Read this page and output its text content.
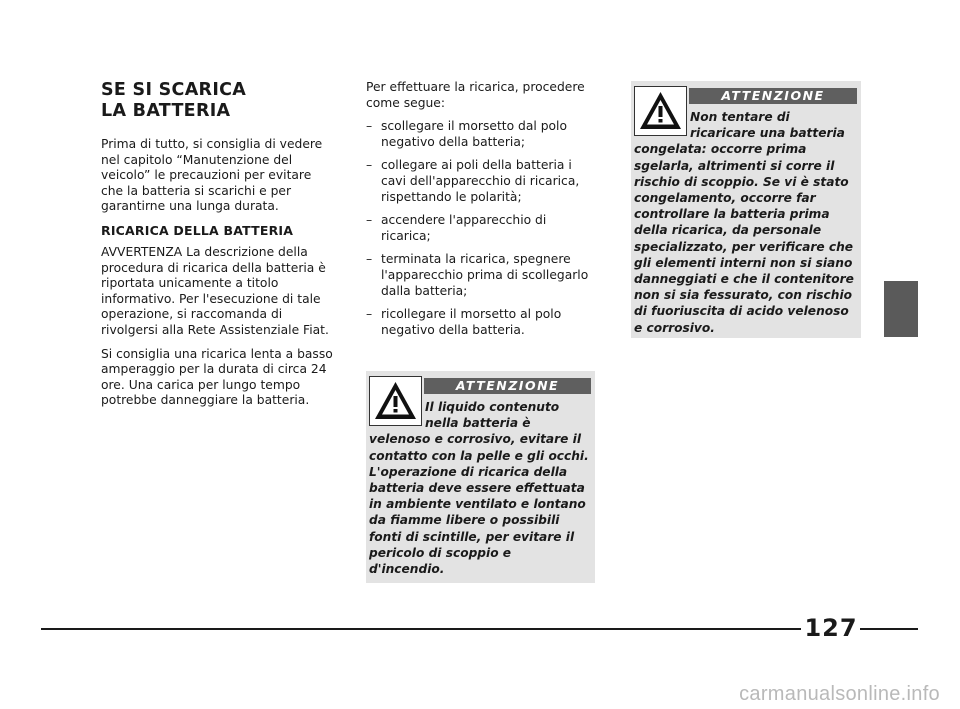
SE SI SCARICA
LA BATTERIA

Prima di tutto, si consiglia di vedere nel capitolo “Manutenzione del veicolo” le precauzioni per evitare che la batteria si scarichi e per garantirne una lunga durata.

RICARICA DELLA BATTERIA

AVVERTENZA La descrizione della procedura di ricarica della batteria è riportata unicamente a titolo informativo. Per l'esecuzione di tale operazione, si raccomanda di rivolgersi alla Rete Assistenziale Fiat.

Si consiglia una ricarica lenta a basso amperaggio per la durata di circa 24 ore. Una carica per lungo tempo potrebbe danneggiare la batteria.

Per effettuare la ricarica, procedere come segue:

– scollegare il morsetto dal polo negativo della batteria;
– collegare ai poli della batteria i cavi dell'apparecchio di ricarica, rispettando le polarità;
– accendere l'apparecchio di ricarica;
– terminata la ricarica, spegnere l'apparecchio prima di scollegarlo dalla batteria;
– ricollegare il morsetto al polo negativo della batteria.
ATTENZIONE
Il liquido contenuto nella batteria è velenoso e corrosivo, evitare il contatto con la pelle e gli occhi. L'operazione di ricarica della batteria deve essere effettuata in ambiente ventilato e lontano da fiamme libere o possibili fonti di scintille, per evitare il pericolo di scoppio e d'incendio.
ATTENZIONE
Non tentare di ricaricare una batteria congelata: occorre prima sgelarla, altrimenti si corre il rischio di scoppio. Se vi è stato congelamento, occorre far controllare la batteria prima della ricarica, da personale specializzato, per verificare che gli elementi interni non si siano danneggiati e che il contenitore non si sia fessurato, con rischio di fuoriuscita di acido velenoso e corrosivo.
127
carmanualsonline.info
